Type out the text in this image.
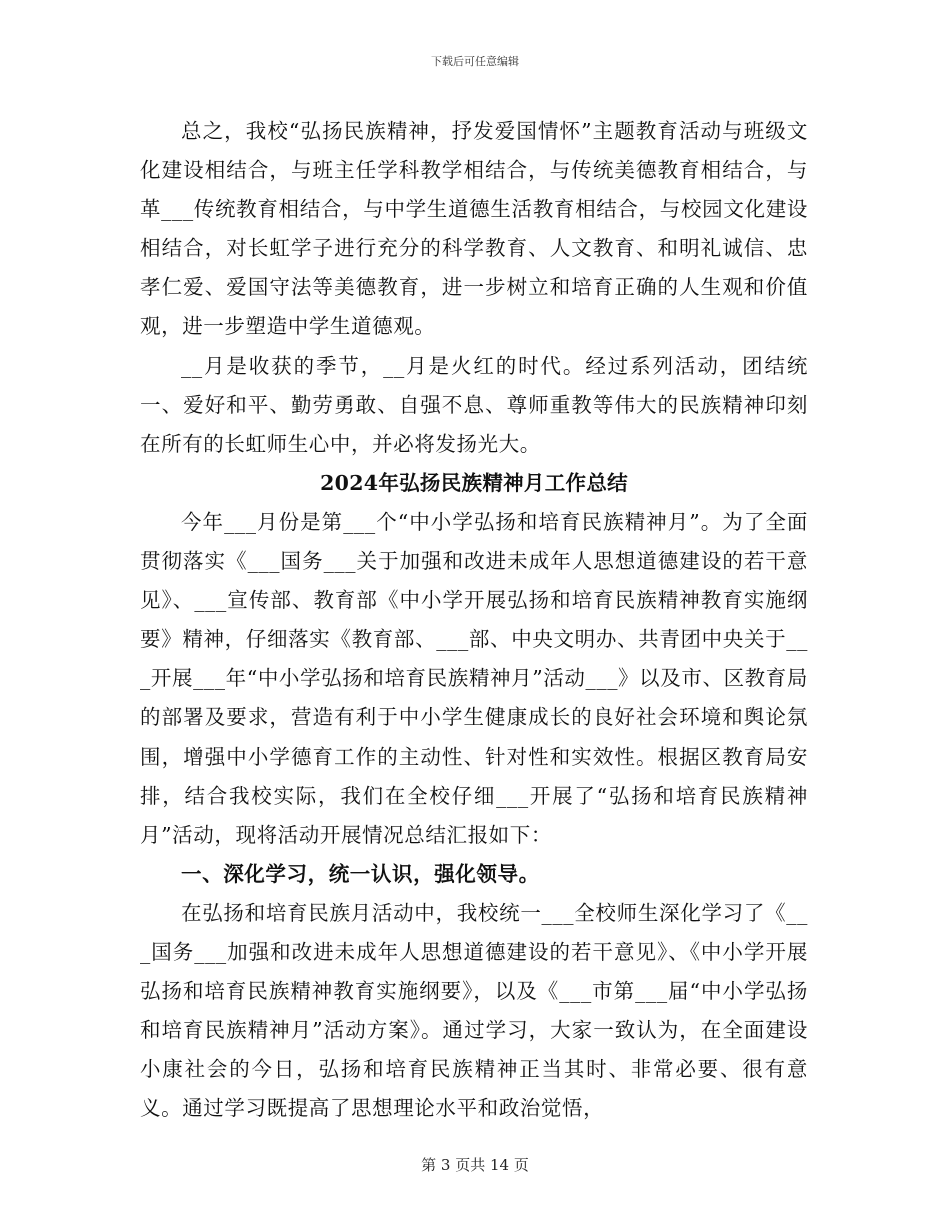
下载后可任意编辑

总之，我校“弘扬民族精神，抒发爱国情怀”主题教育活动与班级文化建设相结合，与班主任学科教学相结合，与传统美德教育相结合，与革___传统教育相结合，与中学生道德生活教育相结合，与校园文化建设相结合，对长虹学子进行充分的科学教育、人文教育、和明礼诚信、忠孝仁爱、爱国守法等美德教育，进一步树立和培育正确的人生观和价值观，进一步塑造中学生道德观。

__月是收获的季节，__月是火红的时代。经过系列活动，团结统一、爱好和平、勤劳勇敢、自强不息、尊师重教等伟大的民族精神印刻在所有的长虹师生心中，并必将发扬光大。

2024年弘扬民族精神月工作总结

今年___月份是第___个“中小学弘扬和培育民族精神月”。为了全面贯彻落实《___国务___关于加强和改进未成年人思想道德建设的若干意见》、___宣传部、教育部《中小学开展弘扬和培育民族精神教育实施纲要》精神，仔细落实《教育部、___部、中央文明办、共青团中央关于___开展___年“中小学弘扬和培育民族精神月”活动___》以及市、区教育局的部署及要求，营造有利于中小学生健康成长的良好社会环境和舆论氛围，增强中小学德育工作的主动性、针对性和实效性。根据区教育局安排，结合我校实际，我们在全校仔细___开展了“弘扬和培育民族精神月”活动，现将活动开展情况总结汇报如下：

一、深化学习，统一认识，强化领导。

在弘扬和培育民族月活动中，我校统一___全校师生深化学习了《___国务___加强和改进未成年人思想道德建设的若干意见》、《中小学开展弘扬和培育民族精神教育实施纲要》，以及《___市第___届“中小学弘扬和培育民族精神月”活动方案》。通过学习，大家一致认为，在全面建设小康社会的今日，弘扬和培育民族精神正当其时、非常必要、很有意义。通过学习既提高了思想理论水平和政治觉悟，

第 3 页共 14 页
